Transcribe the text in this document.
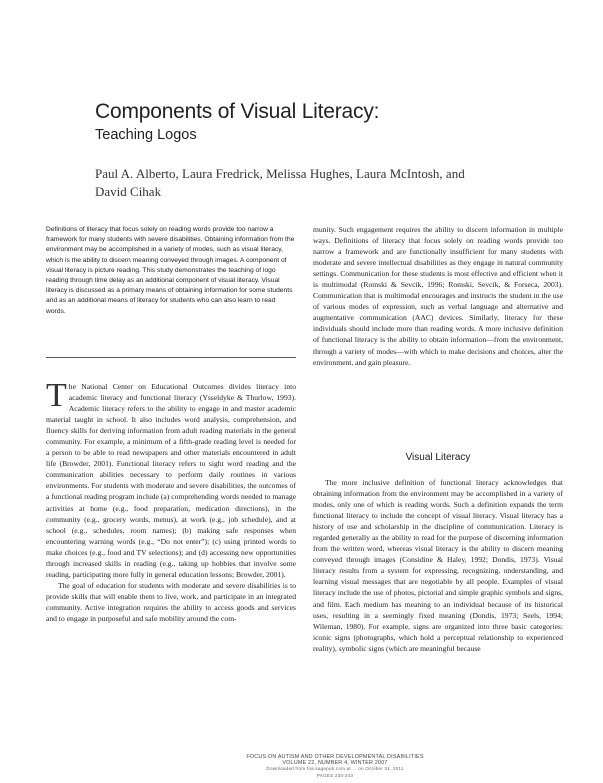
Components of Visual Literacy:
Teaching Logos
Paul A. Alberto, Laura Fredrick, Melissa Hughes, Laura McIntosh, and David Cihak
Definitions of literacy that focus solely on reading words provide too narrow a framework for many students with severe disabilities. Obtaining information from the environment may be accomplished in a variety of modes, such as visual literacy, which is the ability to discern meaning conveyed through images. A component of visual literacy is picture reading. This study demonstrates the teaching of logo reading through time delay as an additional component of visual literacy. Visual literacy is discussed as a primary means of obtaining information for some students and as an additional means of literacy for students who can also learn to read words.

The National Center on Educational Outcomes divides literacy into academic literacy and functional literacy (Ysseldyke & Thurlow, 1993). Academic literacy refers to the ability to engage in and master academic material taught in school. It also includes word analysis, comprehension, and fluency skills for deriving information from adult reading materials in the general community. For example, a minimum of a fifth-grade reading level is needed for a person to be able to read newspapers and other materials encountered in adult life (Browder, 2001). Functional literacy refers to sight word reading and the communication abilities necessary to perform daily routines in various environments. For students with moderate and severe disabilities, the outcomes of a functional reading program include (a) comprehending words needed to manage activities at home (e.g., food preparation, medication directions), in the community (e.g., grocery words, menus), at work (e.g., job schedule), and at school (e.g., schedules, room names); (b) making safe responses when encountering warning words (e.g., “Do not enter”); (c) using printed words to make choices (e.g., food and TV selections); and (d) accessing new opportunities through increased skills in reading (e.g., taking up hobbies that involve some reading, participating more fully in general education lessons; Browder, 2001).

The goal of education for students with moderate and severe disabilities is to provide skills that will enable them to live, work, and participate in an integrated community. Active integration requires the ability to access goods and services and to engage in purposeful and safe mobility around the com-

munity. Such engagement requires the ability to discern information in multiple ways. Definitions of literacy that focus solely on reading words provide too narrow a framework and are functionally insufficient for many students with moderate and severe intellectual disabilities as they engage in natural community settings. Communication for these students is most effective and efficient when it is multimodal (Romski & Sevcik, 1996; Romski, Sevcik, & Forseca, 2003). Communication that is multimodal encourages and instructs the student in the use of various modes of expression, such as verbal language and alternative and augmentative communication (AAC) devices. Similarly, literacy for these individuals should include more than reading words. A more inclusive definition of functional literacy is the ability to obtain information—from the environment, through a variety of modes—with which to make decisions and choices, alter the environment, and gain pleasure.

Visual Literacy

The more inclusive definition of functional literacy acknowledges that obtaining information from the environment may be accomplished in a variety of modes, only one of which is reading words. Such a definition expands the term functional literacy to include the concept of visual literacy. Visual literacy has a history of use and scholarship in the discipline of communication. Literacy is regarded generally as the ability to read for the purpose of discerning information from the written word, whereas visual literacy is the ability to discern meaning conveyed through images (Considine & Haley, 1992; Dondis, 1973). Visual literacy results from a system for expressing, recognizing, understanding, and learning visual messages that are negotiable by all people. Examples of visual literacy include the use of photos, pictorial and simple graphic symbols and signs, and film. Each medium has meaning to an individual because of its historical uses, resulting in a seemingly fixed meaning (Dondis, 1973; Seels, 1994; Wileman, 1980). For example, signs are organized into three basic categories: iconic signs (photographs, which hold a perceptual relationship to experienced reality), symbolic signs (which are meaningful because

FOCUS ON AUTISM AND OTHER DEVELOPMENTAL DISABILITIES
VOLUME 22, NUMBER 4, WINTER 2007
Downloaded from foa.sagepub.com at ... on October 31, 2011
PAGES 234-243
